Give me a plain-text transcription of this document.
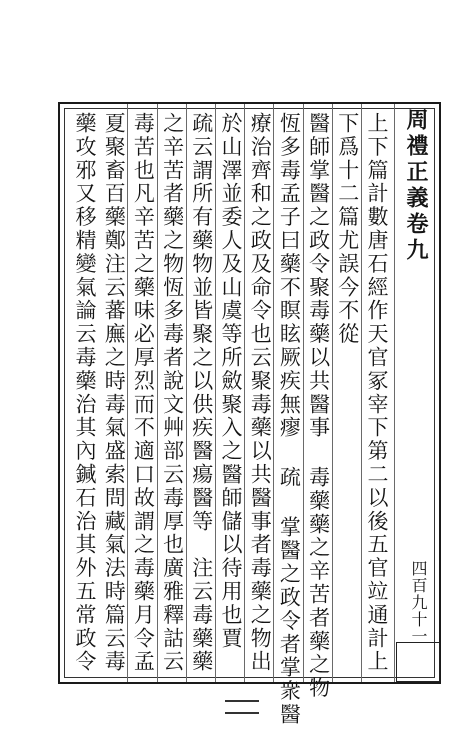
周禮正義卷九
四百九十一
上下篇計數唐石經作天官冢宰下第二以後五官竝通計上
下爲十二篇尤誤今不從
醫師掌醫之政令聚毒藥以共醫事 毒藥藥之辛苦者藥之物
恆多毒孟子曰藥不瞑眩厥疾無瘳 疏 掌醫之政令者掌衆醫
療治齊和之政及命令也云聚毒藥以共醫事者毒藥之物出
於山澤並委人及山虞等所斂聚入之醫師儲以待用也賈
疏云謂所有藥物並皆聚之以供疾醫瘍醫等　注云毒藥藥
之辛苦者藥之物恆多毒者說文艸部云毒厚也廣雅釋詁云
毒苦也凡辛苦之藥味必厚烈而不適口故謂之毒藥月令孟
夏聚畜百藥鄭注云蕃廡之時毒氣盛索問藏氣法時篇云毒
藥攻邪又移精變氣論云毒藥治其內鍼石治其外五常政令
